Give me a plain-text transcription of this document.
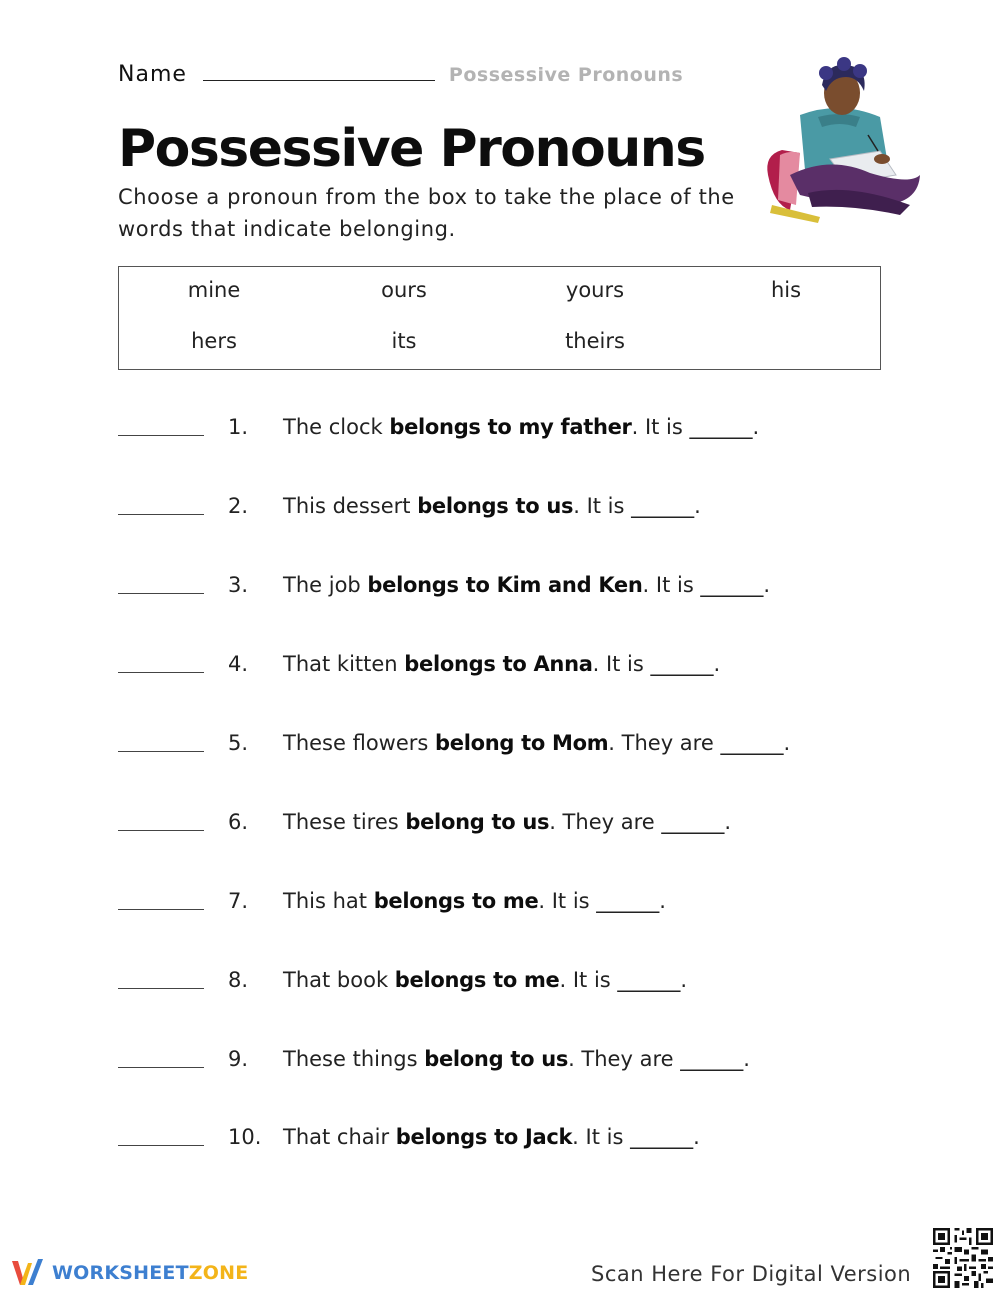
Name	Possessive Pronouns
Possessive Pronouns

Choose a pronoun from the box to take the place of the words that indicate belonging.

mine	ours	yours	his
hers	its	theirs
1.	The clock belongs to my father. It is ______.
2.	This dessert belongs to us. It is ______.
3.	The job belongs to Kim and Ken. It is ______.
4.	That kitten belongs to Anna. It is ______.
5.	These flowers belong to Mom. They are ______.
6.	These tires belong to us. They are ______.
7.	This hat belongs to me. It is ______.
8.	That book belongs to me. It is ______.
9.	These things belong to us. They are ______.
10.	That chair belongs to Jack. It is ______.
WORKSHEETZONE	Scan Here For Digital Version
